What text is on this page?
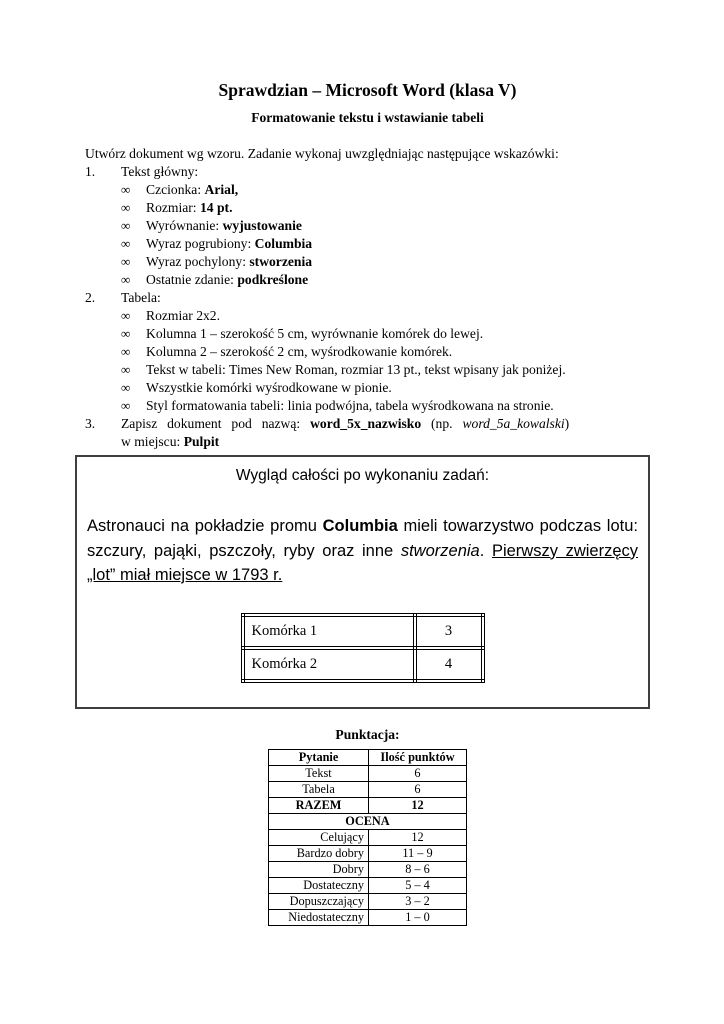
Sprawdzian – Microsoft Word (klasa V)
Formatowanie tekstu i wstawianie tabeli
Utwórz dokument wg wzoru. Zadanie wykonaj uwzględniając następujące wskazówki:
1.	Tekst główny:
∞	Czcionka: Arial,
∞	Rozmiar: 14 pt.
∞	Wyrównanie: wyjustowanie
∞	Wyraz pogrubiony: Columbia
∞	Wyraz pochylony: stworzenia
∞	Ostatnie zdanie: podkreślone
2.	Tabela:
∞	Rozmiar 2x2.
∞	Kolumna 1 – szerokość 5 cm, wyrównanie komórek do lewej.
∞	Kolumna 2 – szerokość 2 cm, wyśrodkowanie komórek.
∞	Tekst w tabeli: Times New Roman, rozmiar 13 pt., tekst wpisany jak poniżej.
∞	Wszystkie komórki wyśrodkowane w pionie.
∞	Styl formatowania tabeli: linia podwójna, tabela wyśrodkowana na stronie.
3.	Zapisz dokument pod nazwą: word_5x_nazwisko (np. word_5a_kowalski)
w miejscu: Pulpit
Wygląd całości po wykonaniu zadań:
Astronauci na pokładzie promu Columbia mieli towarzystwo podczas lotu: szczury, pająki, pszczoły, ryby oraz inne stworzenia. Pierwszy zwierzęcy „lot” miał miejsce w 1793 r.
Komórka 1	3
Komórka 2	4
Punktacja:
Pytanie	Ilość punktów
Tekst	6
Tabela	6
RAZEM	12
OCENA	
Celujący	12
Bardzo dobry	11 – 9
Dobry	8 – 6
Dostateczny	5 – 4
Dopuszczający	3 – 2
Niedostateczny	1 – 0
